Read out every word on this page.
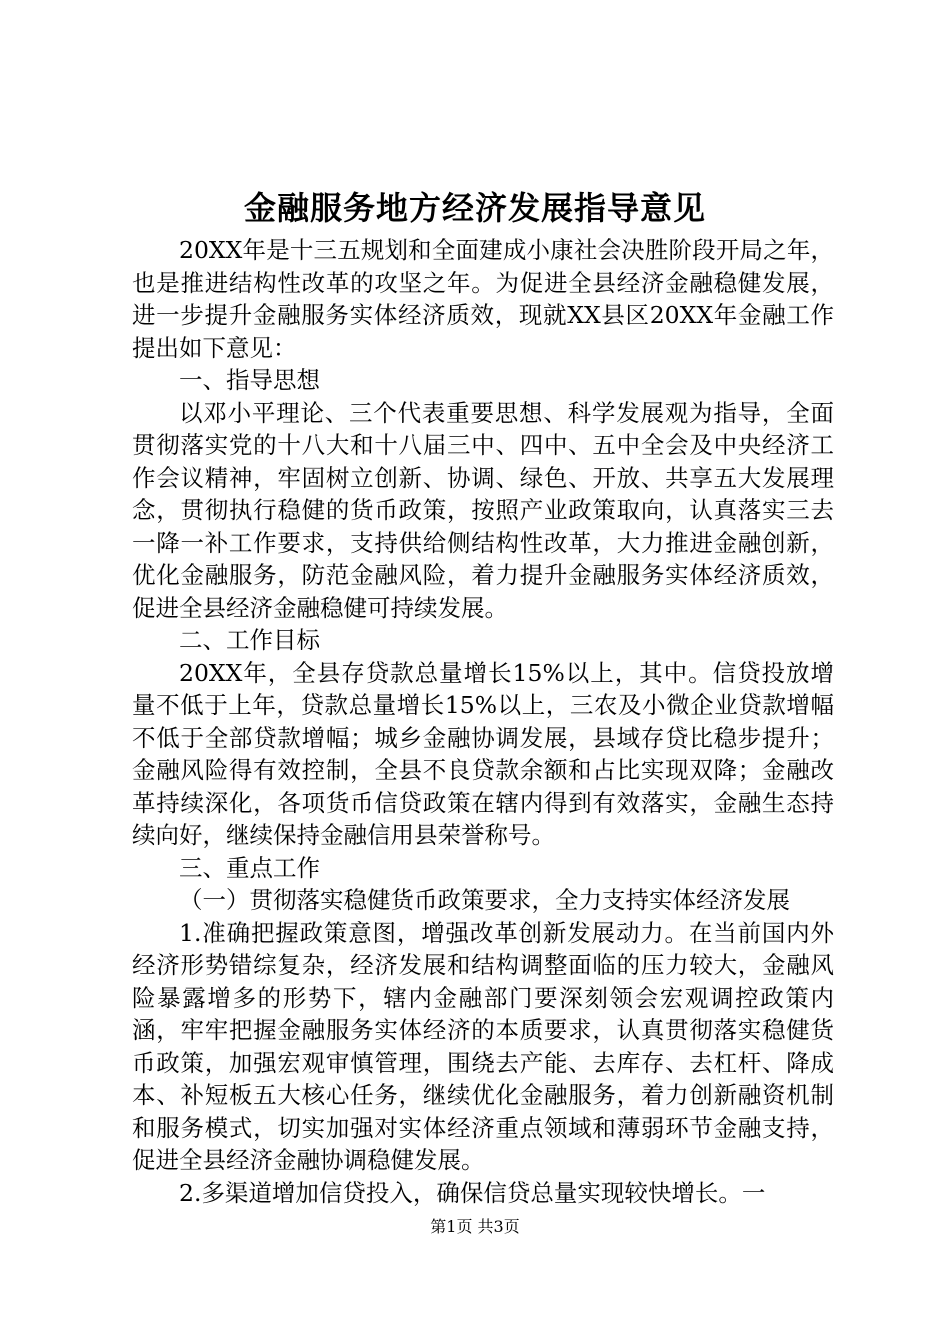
金融服务地方经济发展指导意见

20XX年是十三五规划和全面建成小康社会决胜阶段开局之年，也是推进结构性改革的攻坚之年。为促进全县经济金融稳健发展，进一步提升金融服务实体经济质效，现就XX县区20XX年金融工作提出如下意见：

一、指导思想

以邓小平理论、三个代表重要思想、科学发展观为指导，全面贯彻落实党的十八大和十八届三中、四中、五中全会及中央经济工作会议精神，牢固树立创新、协调、绿色、开放、共享五大发展理念，贯彻执行稳健的货币政策，按照产业政策取向，认真落实三去一降一补工作要求，支持供给侧结构性改革，大力推进金融创新，优化金融服务，防范金融风险，着力提升金融服务实体经济质效，促进全县经济金融稳健可持续发展。

二、工作目标

20XX年，全县存贷款总量增长15%以上，其中。信贷投放增量不低于上年，贷款总量增长15%以上，三农及小微企业贷款增幅不低于全部贷款增幅；城乡金融协调发展，县域存贷比稳步提升；金融风险得有效控制，全县不良贷款余额和占比实现双降；金融改革持续深化，各项货币信贷政策在辖内得到有效落实，金融生态持续向好，继续保持金融信用县荣誉称号。

三、重点工作

（一）贯彻落实稳健货币政策要求，全力支持实体经济发展

1.准确把握政策意图，增强改革创新发展动力。在当前国内外经济形势错综复杂，经济发展和结构调整面临的压力较大，金融风险暴露增多的形势下，辖内金融部门要深刻领会宏观调控政策内涵，牢牢把握金融服务实体经济的本质要求，认真贯彻落实稳健货币政策，加强宏观审慎管理，围绕去产能、去库存、去杠杆、降成本、补短板五大核心任务，继续优化金融服务，着力创新融资机制和服务模式，切实加强对实体经济重点领域和薄弱环节金融支持，促进全县经济金融协调稳健发展。

2.多渠道增加信贷投入，确保信贷总量实现较快增长。一

第1页 共3页
